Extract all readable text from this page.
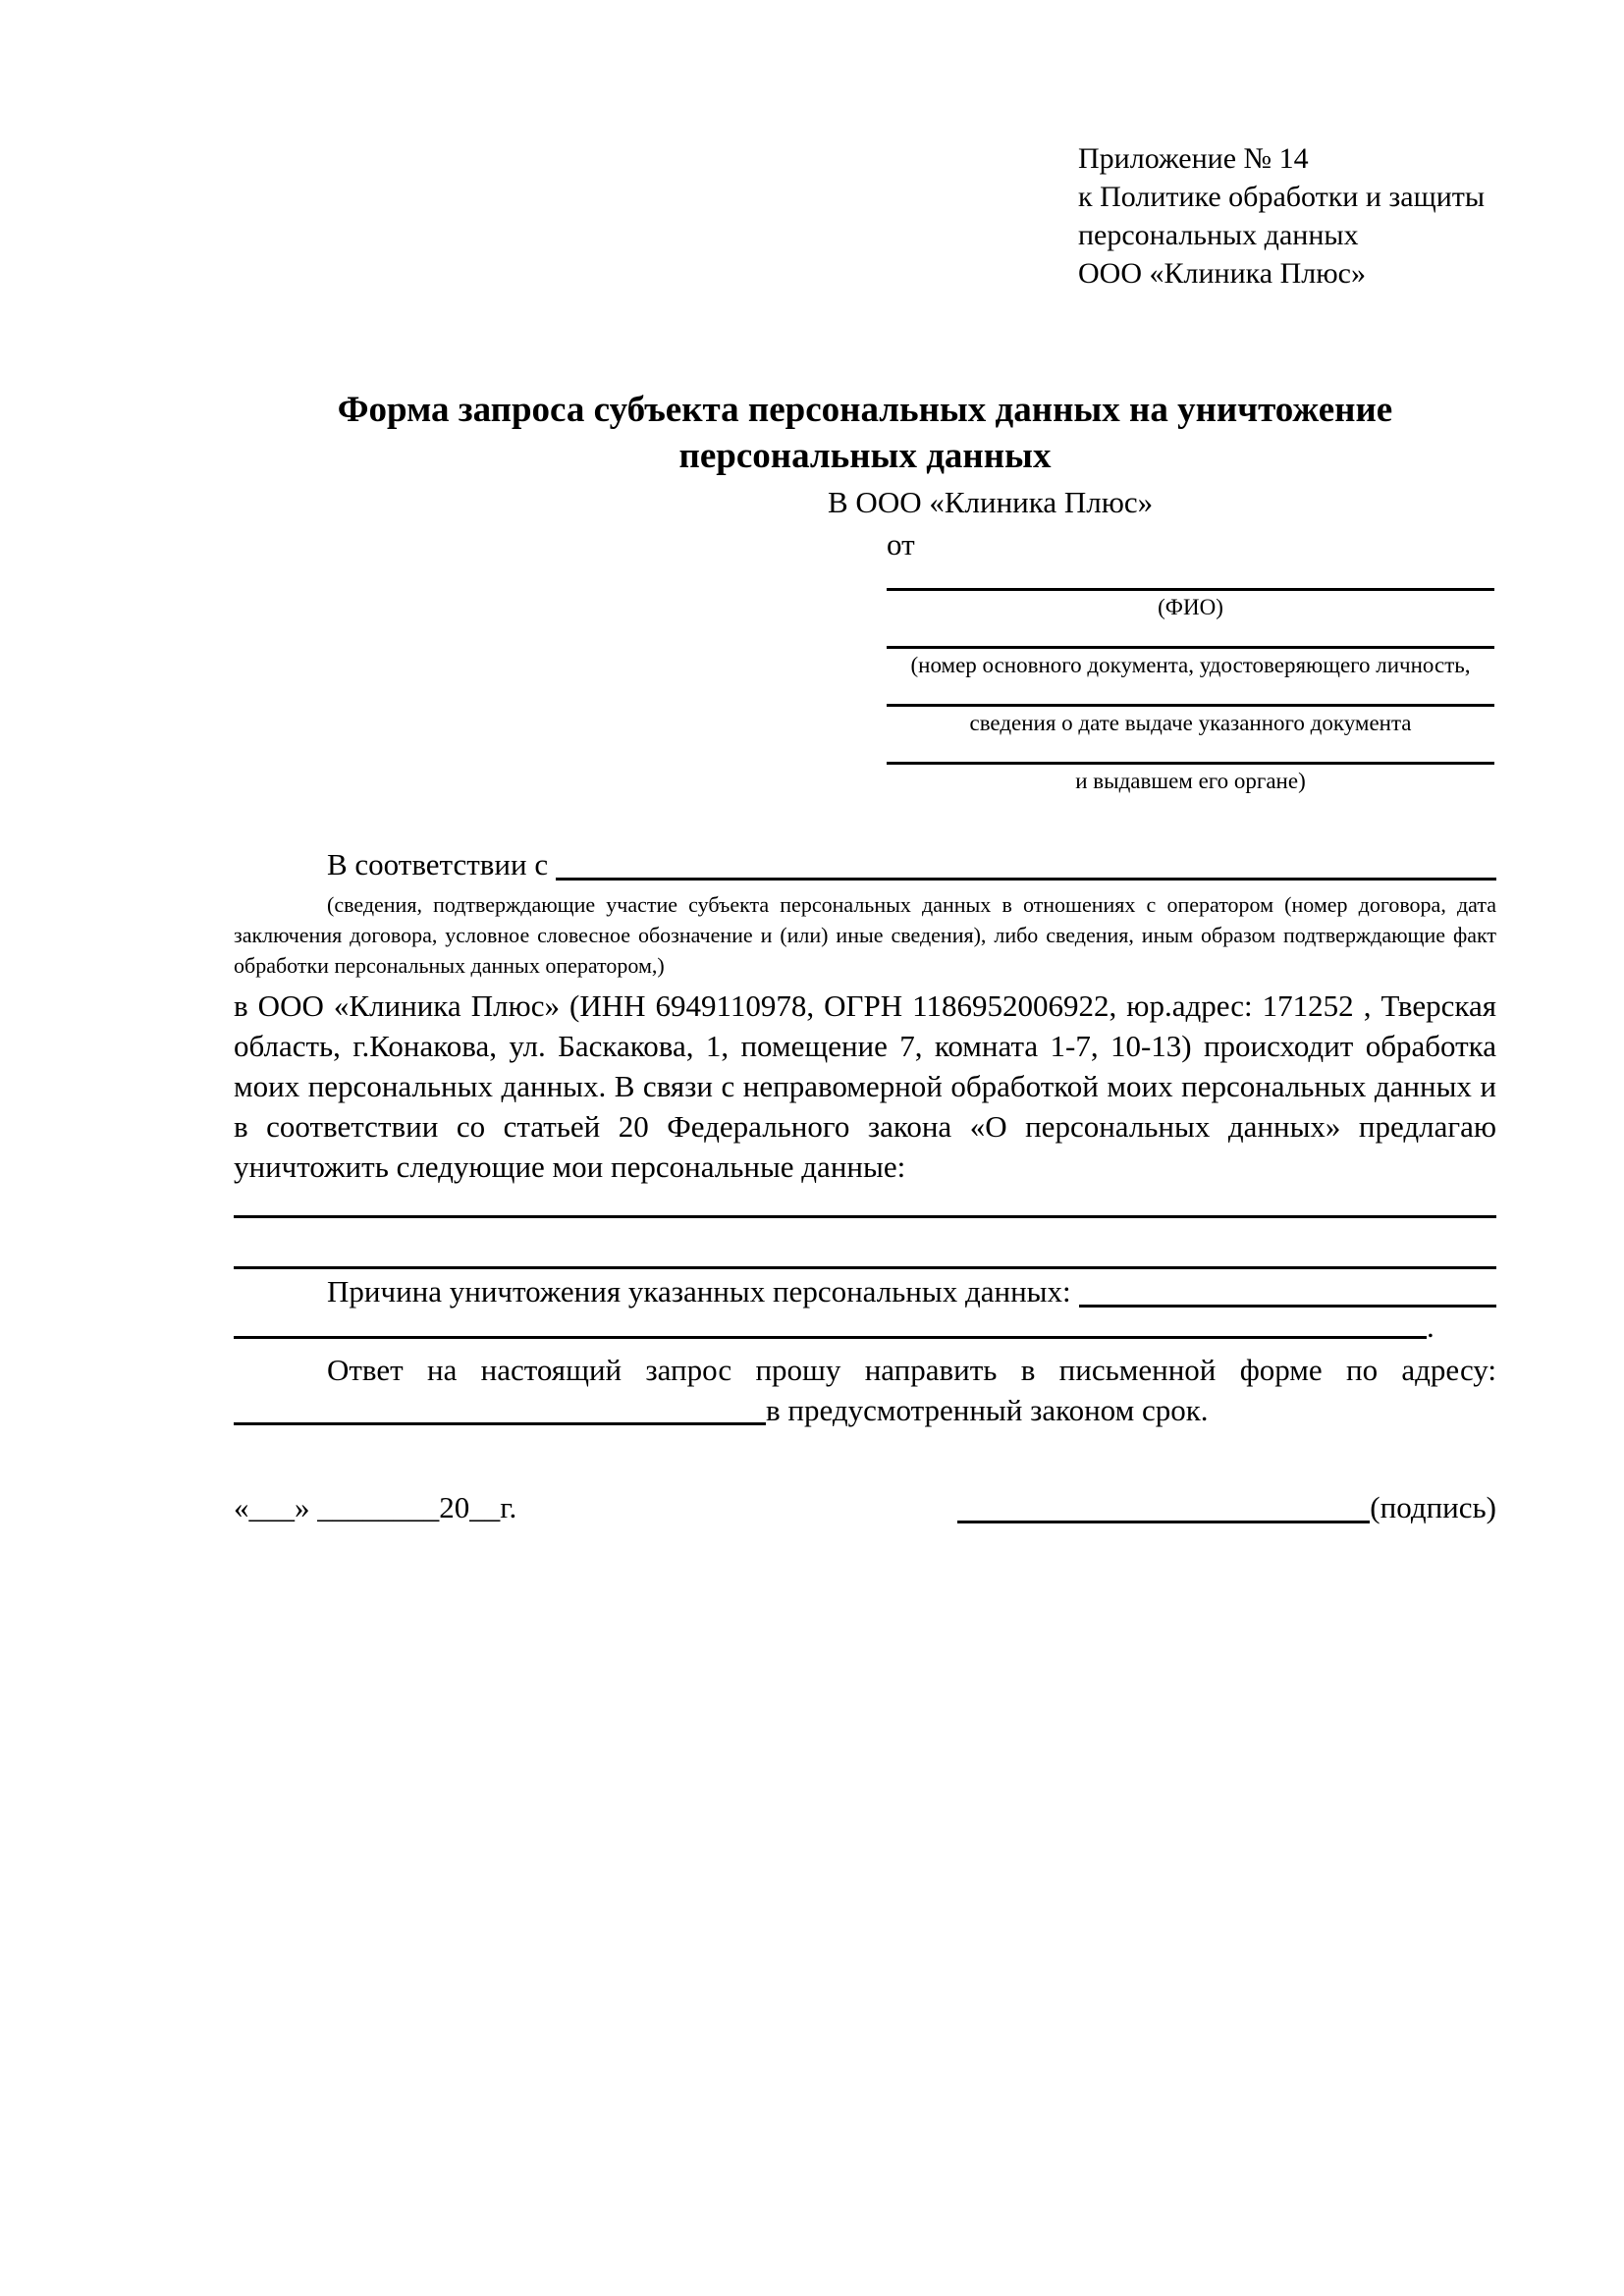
Приложение № 14
к Политике обработки и защиты
персональных данных
ООО «Клиника Плюс»
Форма запроса субъекта персональных данных на уничтожение
персональных данных
В ООО «Клиника Плюс»
от
(ФИО)
(номер основного документа, удостоверяющего личность,
сведения о дате выдаче указанного документа
и выдавшем его органе)
В соответствии с
(сведения, подтверждающие участие субъекта персональных данных в отношениях с оператором (номер договора, дата заключения договора, условное словесное обозначение и (или) иные сведения), либо сведения, иным образом подтверждающие факт обработки персональных данных оператором,)
в ООО «Клиника Плюс» (ИНН 6949110978, ОГРН 1186952006922, юр.адрес: 171252 , Тверская область, г.Конакова, ул. Баскакова, 1, помещение 7, комната 1-7, 10-13) происходит обработка моих персональных данных. В связи с неправомерной обработкой моих персональных данных и в соответствии со статьей 20 Федерального закона «О персональных данных» предлагаю уничтожить следующие мои персональные данные:
Причина уничтожения указанных персональных данных:
.
Ответ на настоящий запрос прошу направить в письменной форме по адресу:
в предусмотренный законом срок.
«___» ________20__г.	(подпись)
